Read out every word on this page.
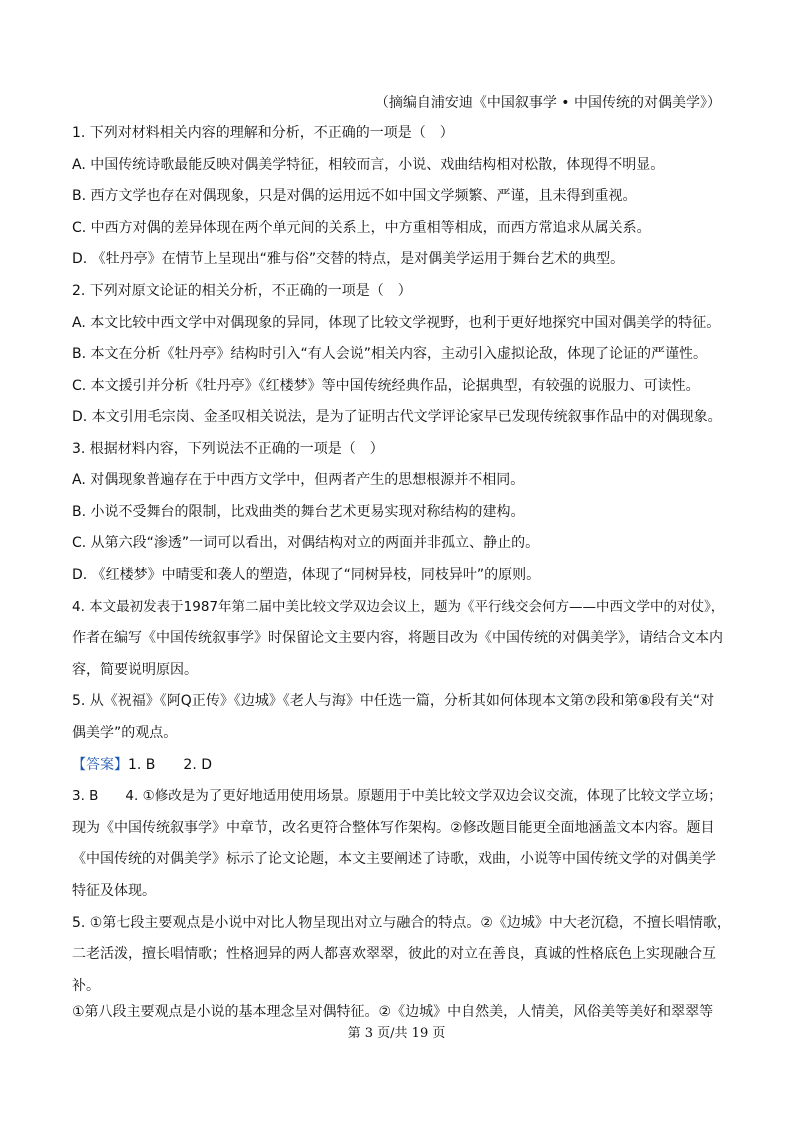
（摘编自浦安迪《中国叙事学 • 中国传统的对偶美学》）
1. 下列对材料相关内容的理解和分析，不正确的一项是（　）
A. 中国传统诗歌最能反映对偶美学特征，相较而言，小说、戏曲结构相对松散，体现得不明显。
B. 西方文学也存在对偶现象，只是对偶的运用远不如中国文学频繁、严谨，且未得到重视。
C. 中西方对偶的差异体现在两个单元间的关系上，中方重相等相成，而西方常追求从属关系。
D. 《牡丹亭》在情节上呈现出“雅与俗”交替的特点，是对偶美学运用于舞台艺术的典型。
2. 下列对原文论证的相关分析，不正确的一项是（　）
A. 本文比较中西文学中对偶现象的异同，体现了比较文学视野，也利于更好地探究中国对偶美学的特征。
B. 本文在分析《牡丹亭》结构时引入“有人会说”相关内容，主动引入虚拟论敌，体现了论证的严谨性。
C. 本文援引并分析《牡丹亭》《红楼梦》等中国传统经典作品，论据典型，有较强的说服力、可读性。
D. 本文引用毛宗岗、金圣叹相关说法，是为了证明古代文学评论家早已发现传统叙事作品中的对偶现象。
3. 根据材料内容，下列说法不正确的一项是（　）
A. 对偶现象普遍存在于中西方文学中，但两者产生的思想根源并不相同。
B. 小说不受舞台的限制，比戏曲类的舞台艺术更易实现对称结构的建构。
C. 从第六段“渗透”一词可以看出，对偶结构对立的两面并非孤立、静止的。
D. 《红楼梦》中晴雯和袭人的塑造，体现了“同树异枝，同枝异叶”的原则。
4. 本文最初发表于1987年第二届中美比较文学双边会议上，题为《平行线交会何方——中西文学中的对仗》，
作者在编写《中国传统叙事学》时保留论文主要内容，将题目改为《中国传统的对偶美学》，请结合文本内
容，简要说明原因。
5. 从《祝福》《阿Q正传》《边城》《老人与海》中任选一篇，分析其如何体现本文第⑦段和第⑧段有关“对
偶美学”的观点。
【答案】1. B　　2. D
3. B　　4. ①修改是为了更好地适用使用场景。原题用于中美比较文学双边会议交流，体现了比较文学立场；
现为《中国传统叙事学》中章节，改名更符合整体写作架构。②修改题目能更全面地涵盖文本内容。题目
《中国传统的对偶美学》标示了论文论题，本文主要阐述了诗歌，戏曲，小说等中国传统文学的对偶美学
特征及体现。
5. ①第七段主要观点是小说中对比人物呈现出对立与融合的特点。②《边城》中大老沉稳，不擅长唱情歌，
二老活泼，擅长唱情歌；性格迥异的两人都喜欢翠翠，彼此的对立在善良，真诚的性格底色上实现融合互
补。
①第八段主要观点是小说的基本理念呈对偶特征。②《边城》中自然美，人情美，风俗美等美好和翠翠等
第 3 页/共 19 页
